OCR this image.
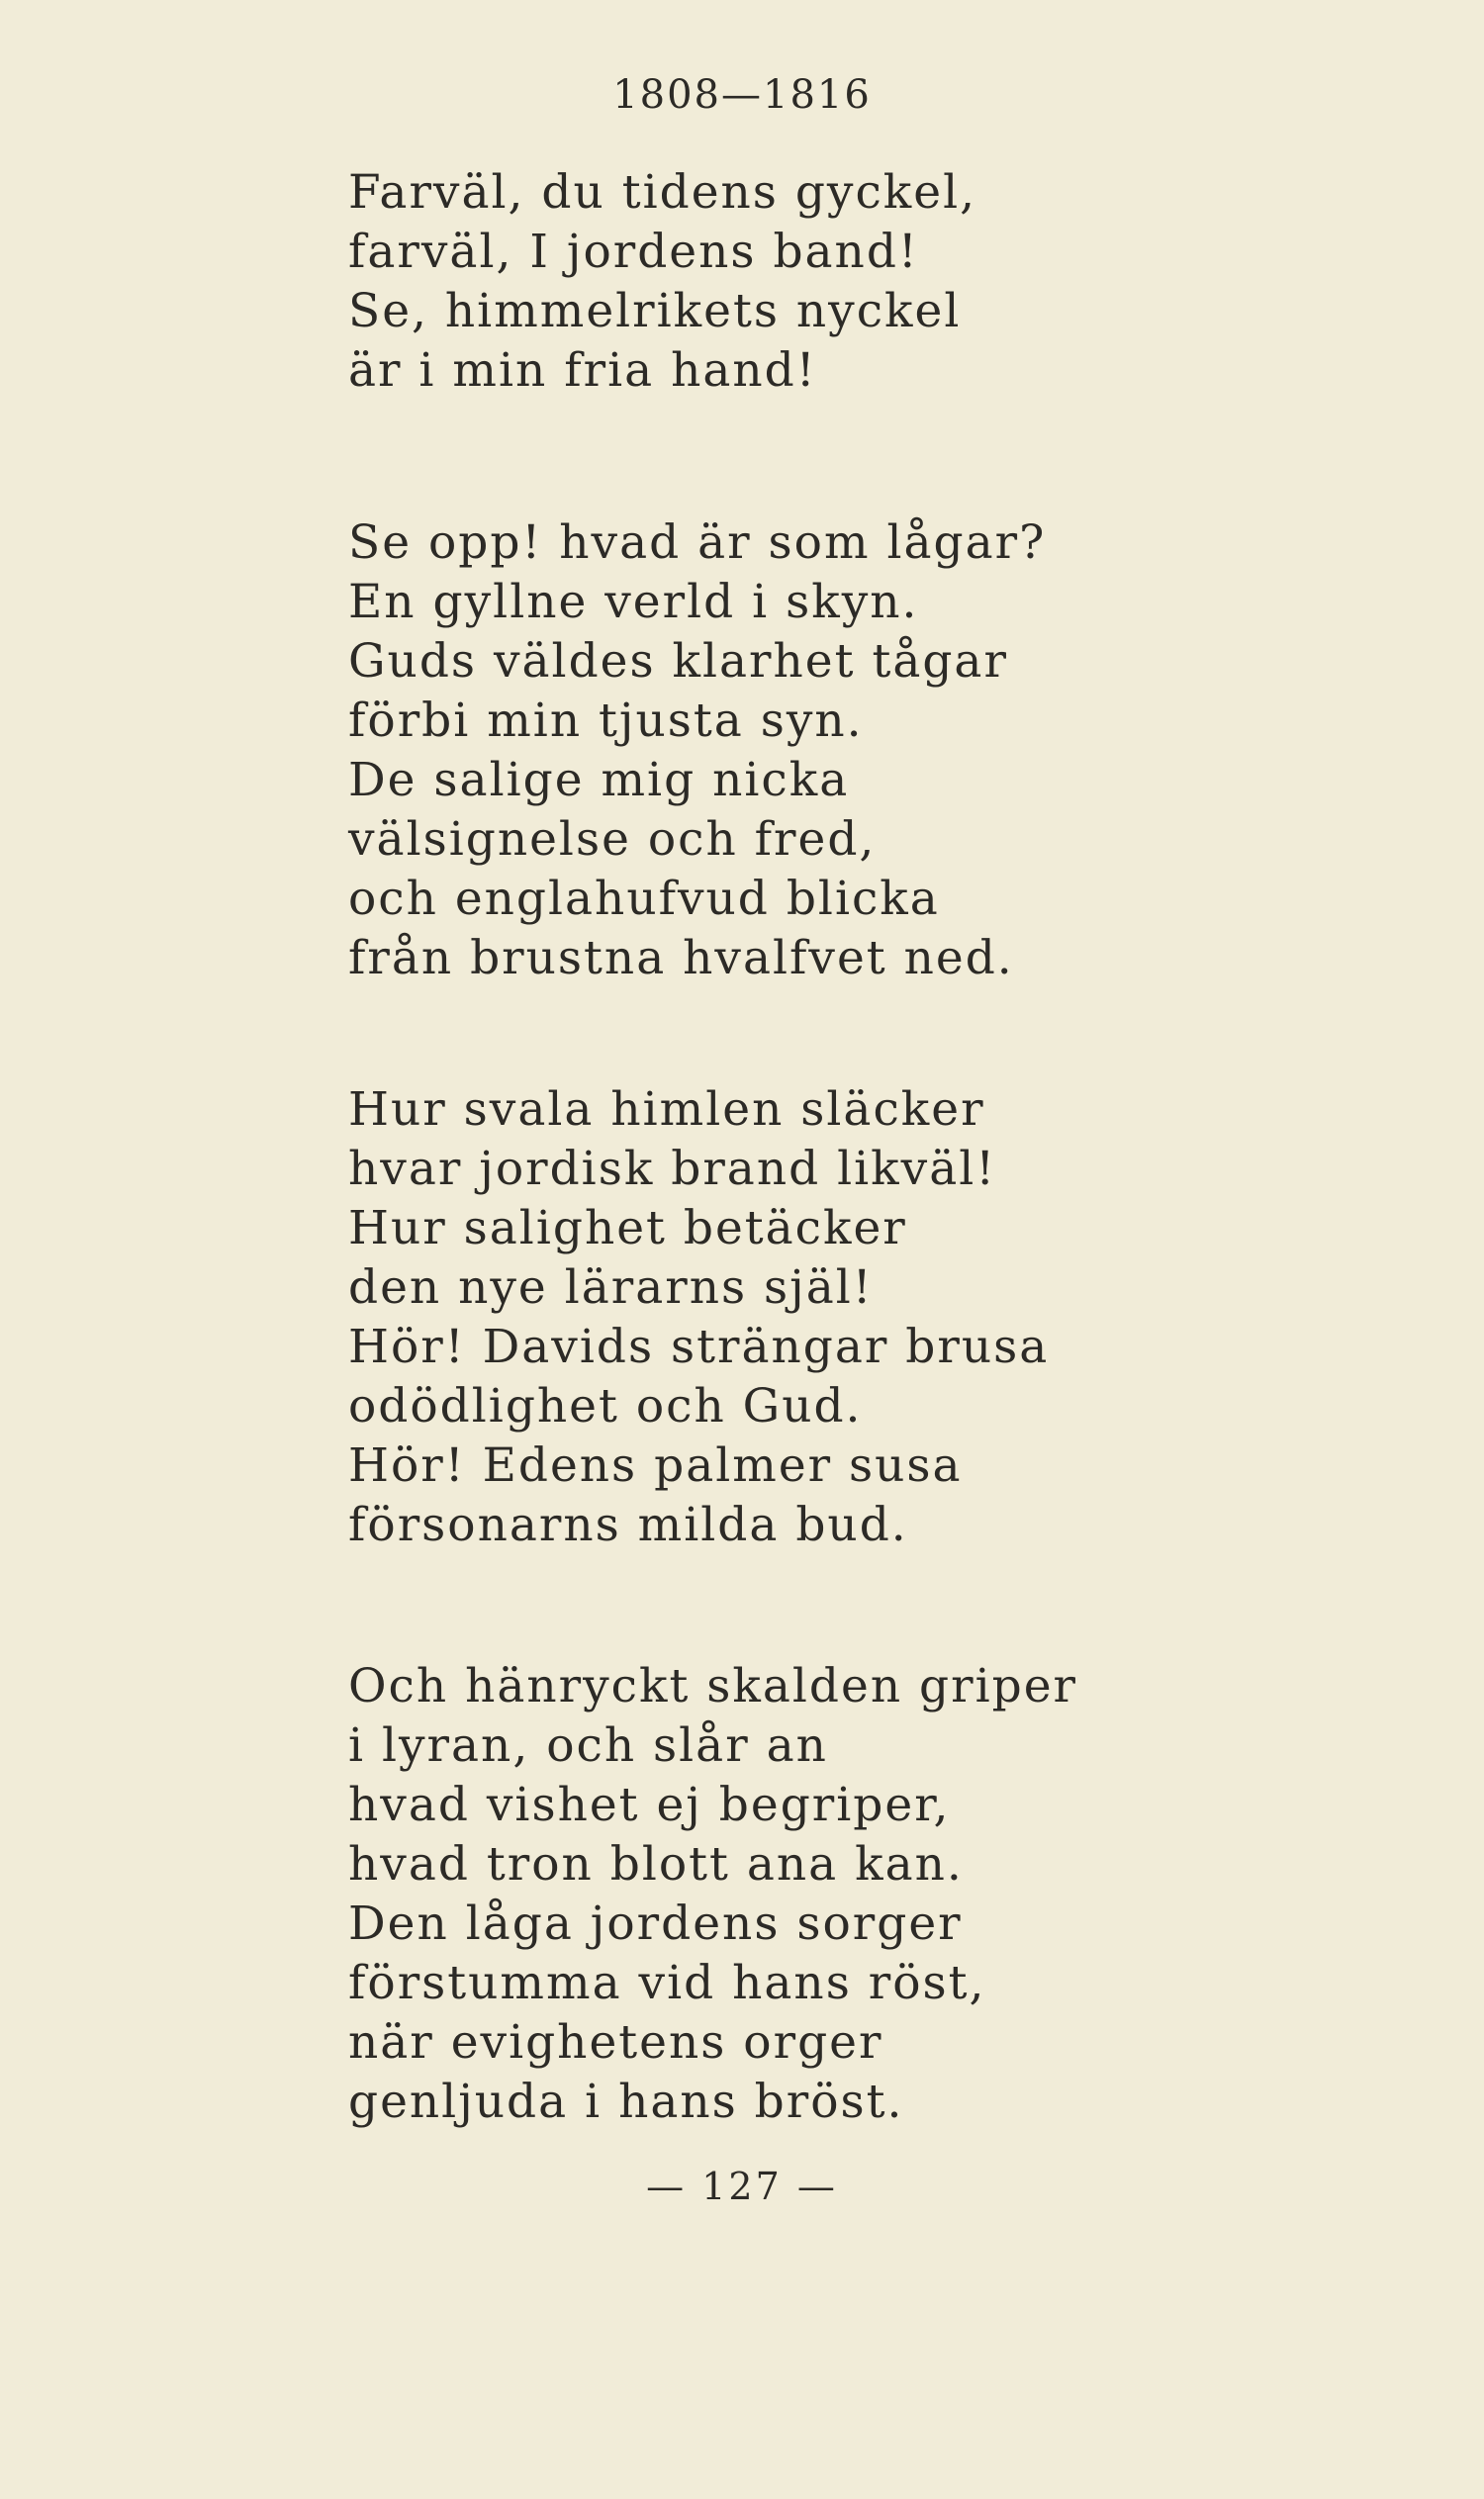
1808—1816
Farväl, du tidens gyckel,
farväl, I jordens band!
Se, himmelrikets nyckel
är i min fria hand!
Se opp! hvad är som lågar?
En gyllne verld i skyn.
Guds väldes klarhet tågar
förbi min tjusta syn.
De salige mig nicka
välsignelse och fred,
och englahufvud blicka
från brustna hvalfvet ned.
Hur svala himlen släcker
hvar jordisk brand likväl!
Hur salighet betäcker
den nye lärarns själ!
Hör! Davids strängar brusa
odödlighet och Gud.
Hör! Edens palmer susa
försonarns milda bud.
Och hänryckt skalden griper
i lyran, och slår an
hvad vishet ej begriper,
hvad tron blott ana kan.
Den låga jordens sorger
förstumma vid hans röst,
när evighetens orger
genljuda i hans bröst.
— 127 —
